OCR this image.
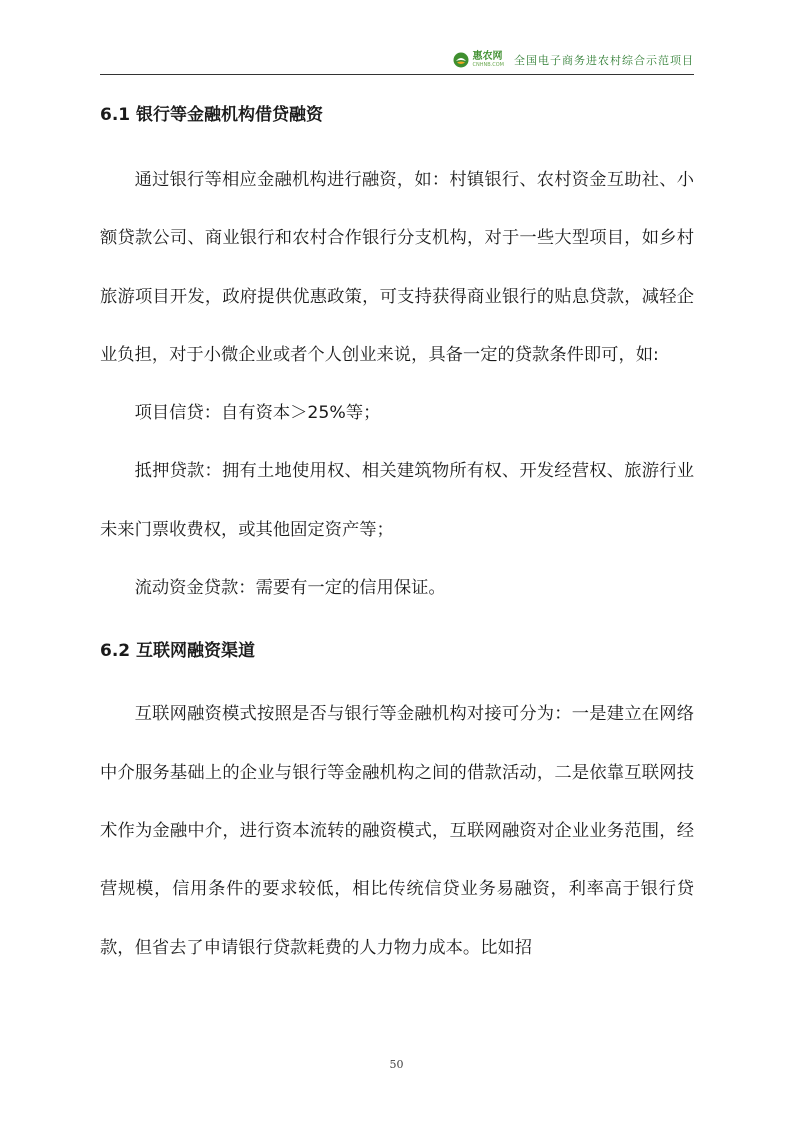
惠农网
CNHNB.COM 全国电子商务进农村综合示范项目
6.1 银行等金融机构借贷融资

通过银行等相应金融机构进行融资，如：村镇银行、农村资金互助社、小额贷款公司、商业银行和农村合作银行分支机构，对于一些大型项目，如乡村旅游项目开发，政府提供优惠政策，可支持获得商业银行的贴息贷款，减轻企业负担，对于小微企业或者个人创业来说，具备一定的贷款条件即可，如:

项目信贷：自有资本＞25%等；

抵押贷款：拥有土地使用权、相关建筑物所有权、开发经营权、旅游行业未来门票收费权，或其他固定资产等；

流动资金贷款：需要有一定的信用保证。

6.2 互联网融资渠道

互联网融资模式按照是否与银行等金融机构对接可分为：一是建立在网络中介服务基础上的企业与银行等金融机构之间的借款活动，二是依靠互联网技术作为金融中介，进行资本流转的融资模式，互联网融资对企业业务范围，经营规模，信用条件的要求较低，相比传统信贷业务易融资，利率高于银行贷款，但省去了申请银行贷款耗费的人力物力成本。比如招

50
